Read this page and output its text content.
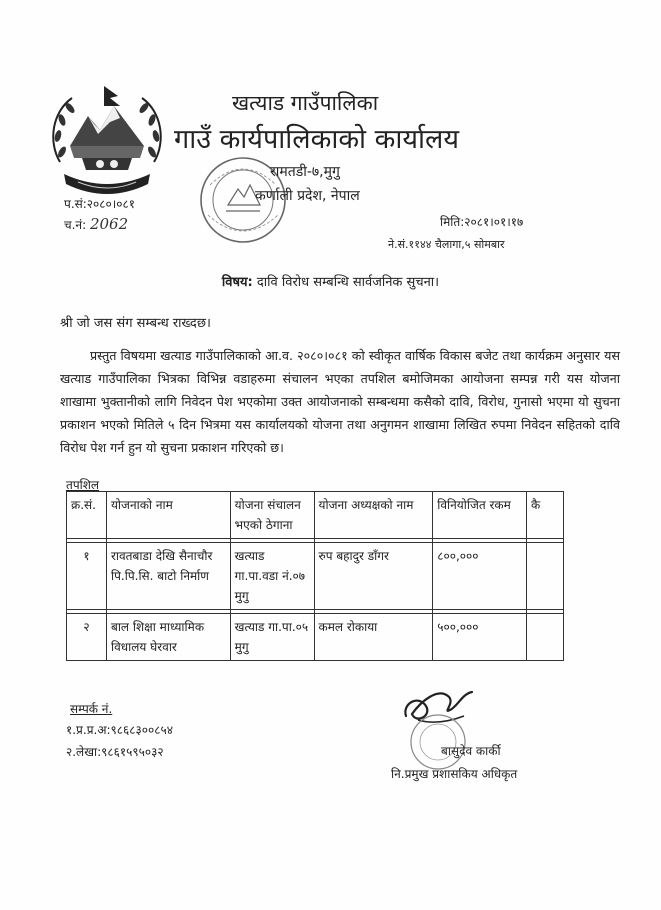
खत्याड गाउँपालिका
गाउँ कार्यपालिकाको कार्यालय
रामतडी-७,मुगु
कर्णाली प्रदेश, नेपाल
प.सं:२०८०।०८१
च.नं: 2062	मिति:२०८१।०१।१७
ने.सं.११४४ चैलागा,५ सोमबार
विषय: दावि विरोध सम्बन्धि सार्वजनिक सुचना।
श्री जो जस संग सम्बन्ध राख्दछ।

प्रस्तुत विषयमा खत्याड गाउँपालिकाको आ.व. २०८०।०८१ को स्वीकृत वार्षिक विकास बजेट तथा कार्यक्रम अनुसार यस खत्याड गाउँपालिका भित्रका विभिन्न वडाहरुमा संचालन भएका तपशिल बमोजिमका आयोजना सम्पन्न गरी यस योजना शाखामा भुक्तानीको लागि निवेदन पेश भएकोमा उक्त आयोजनाको सम्बन्धमा कसैको दावि, विरोध, गुनासो भएमा यो सुचना प्रकाशन भएको मितिले ५ दिन भित्रमा यस कार्यालयको योजना तथा अनुगमन शाखामा लिखित रुपमा निवेदन सहितको दावि विरोध पेश गर्न हुन यो सुचना प्रकाशन गरिएको छ।

तपशिल
क्र.सं.	योजनाको नाम	योजना संचालन भएको ठेगाना	योजना अध्यक्षको नाम	विनियोजित रकम	कै

१	रावतबाडा देखि सैनाचौर पि.पि.सि. बाटो निर्माण	खत्याड गा.पा.वडा नं.०७ मुगु	रुप बहादुर डाँगर	८००,०००	

२	बाल शिक्षा माध्यामिक विधालय घेरवार	खत्याड गा.पा.०५ मुगु	कमल रोकाया	५००,०००	
सम्पर्क नं.
१.प्र.प्र.अ:९८६८३००८५४
२.लेखा:९८६१५९५०३२	बासुदेव कार्की
नि.प्रमुख प्रशासकिय अधिकृत
